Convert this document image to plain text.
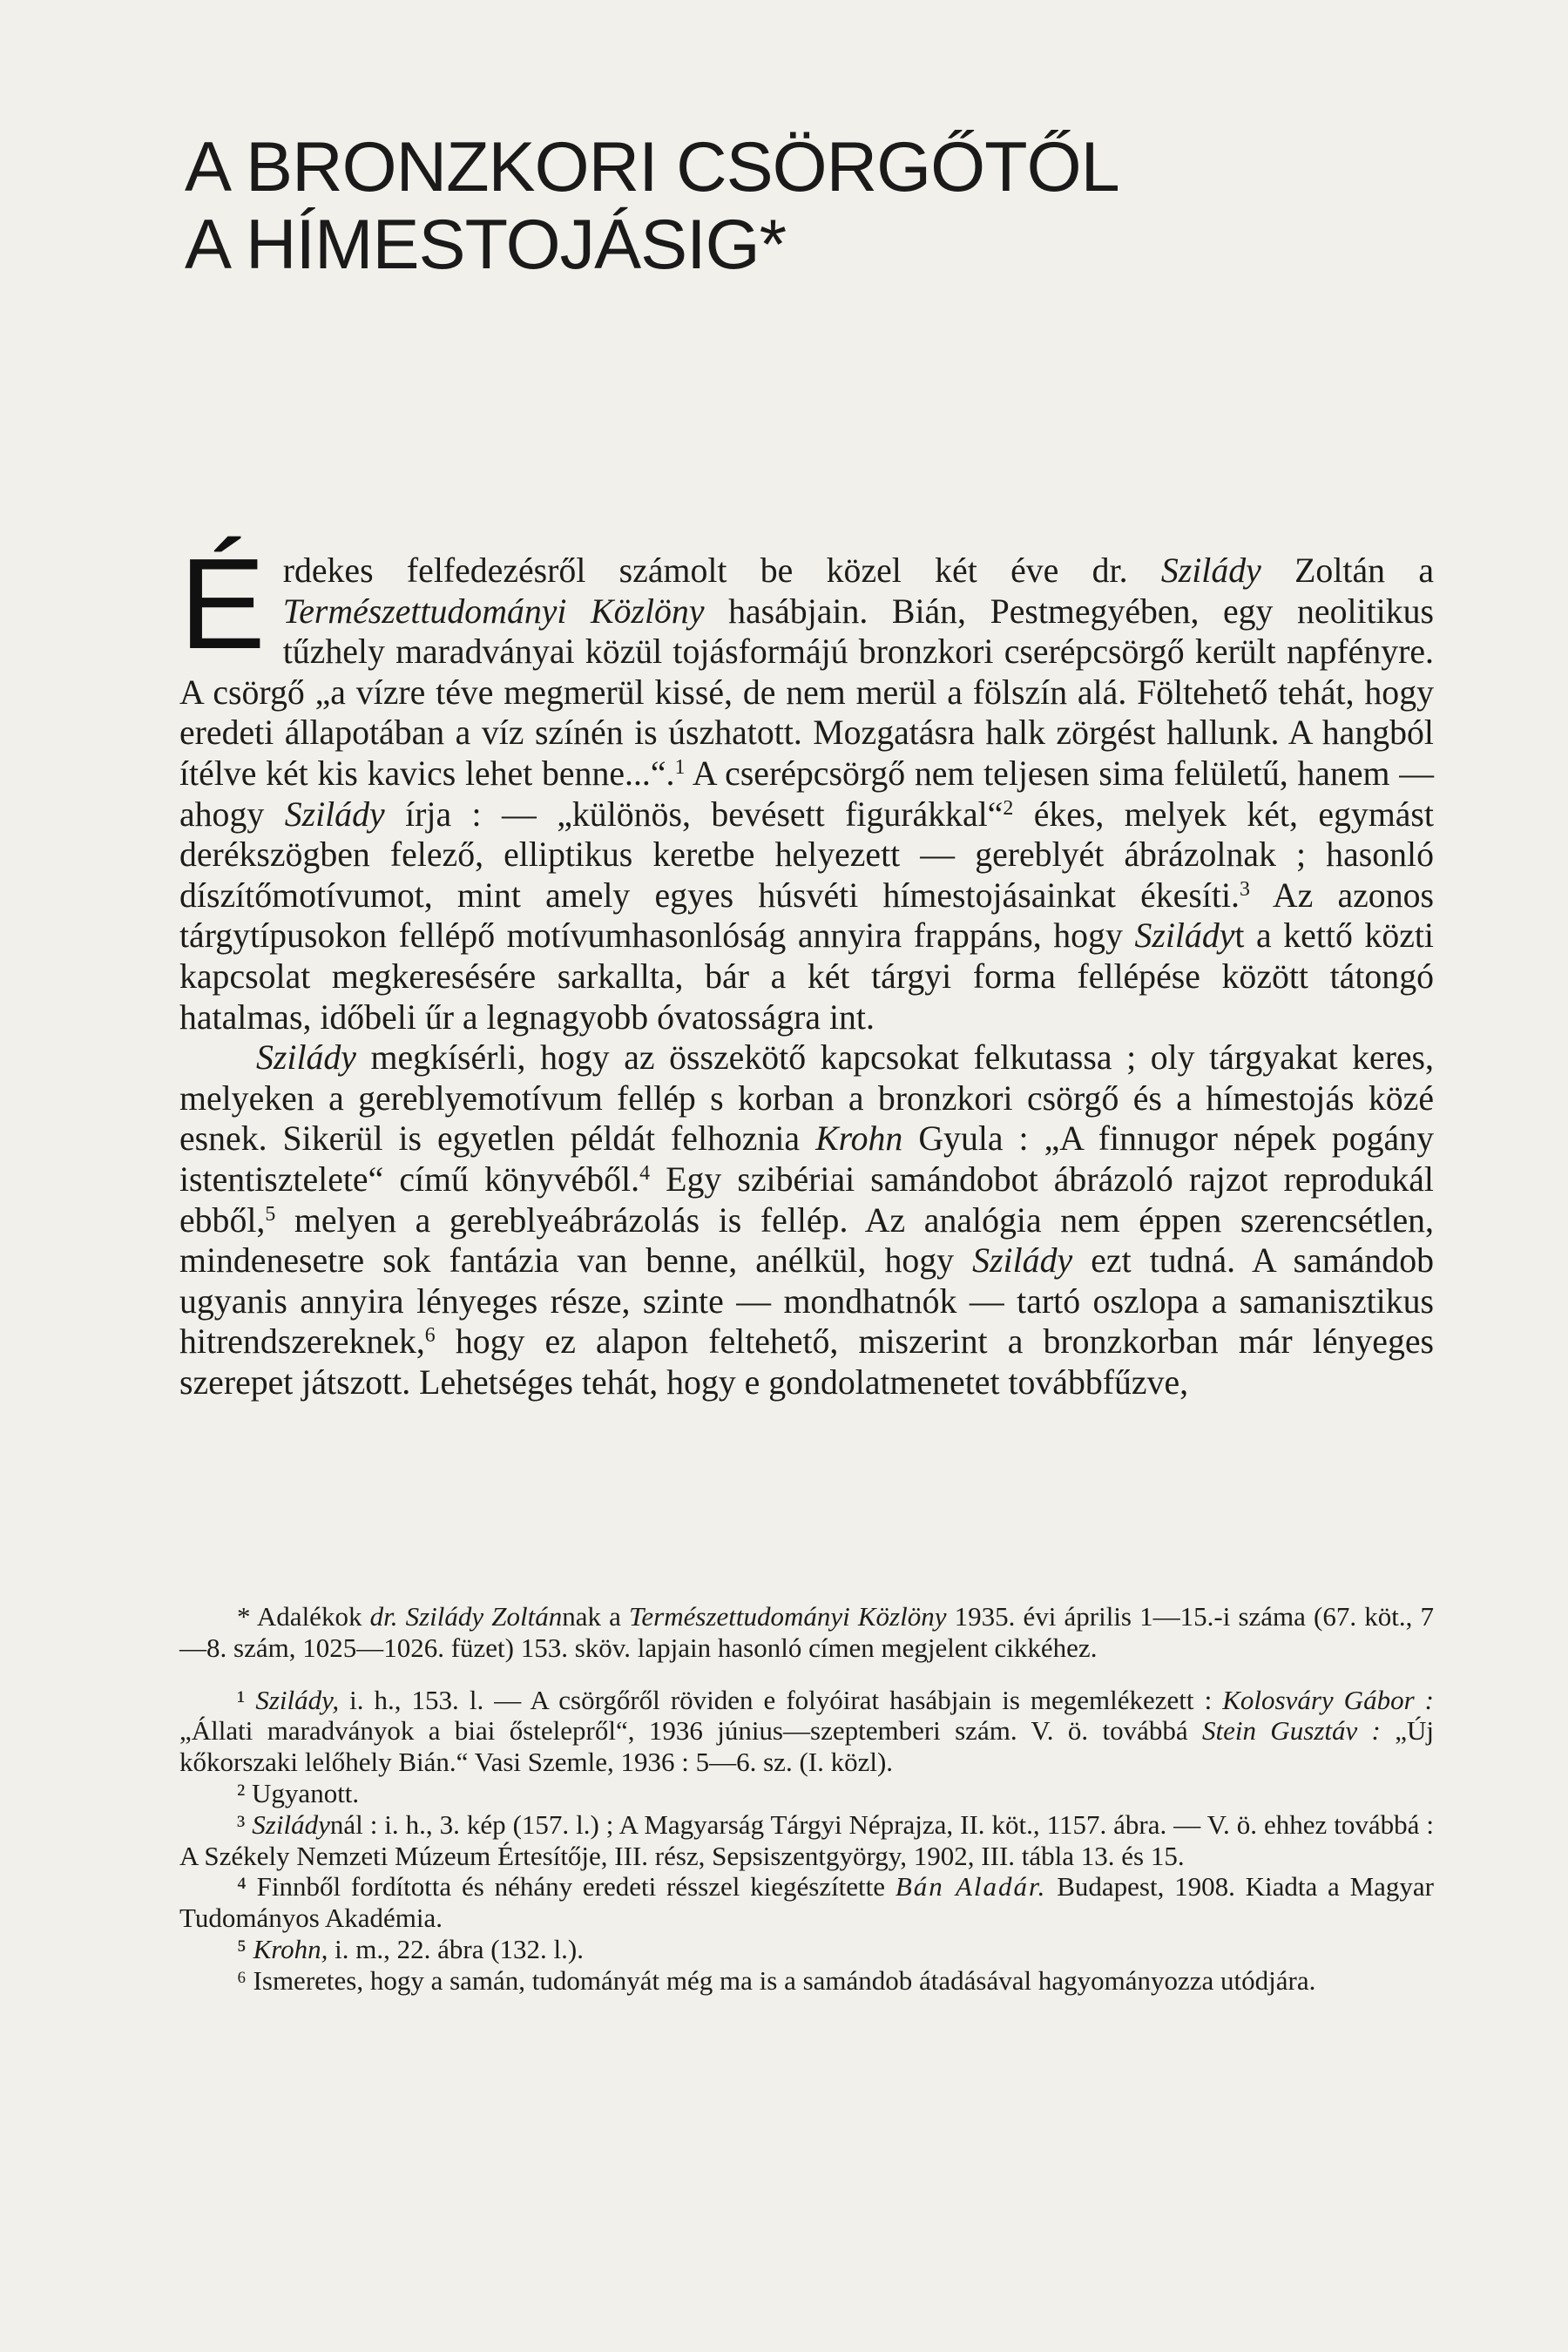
A BRONZKORI CSÖRGŐTŐL
A HÍMESTOJÁSIG*

Érdekes felfedezésről számolt be közel két éve dr. Sziládу Zoltán a Természettudományi Közlöny hasábjain. Bián, Pestmegyében, egy neolitikus tűzhely maradványai közül tojásformájú bronzkori cserépcsörgő került napfényre. A csörgő „a vízre téve megmerül kissé, de nem merül a fölszín alá. Föltehető tehát, hogy eredeti állapotában a víz színén is úszhatott. Mozgatásra halk zörgést hallunk. A hangból ítélve két kis kavics lehet benne...“.$^1$ A cserépcsörgő nem teljesen sima felületű, hanem — ahogy Sziládу írja : — „különös, bevésett figurákkal“$^2$ ékes, melyek két, egymást derékszögben felező, elliptikus keretbe helyezett — gereblyét ábrázolnak ; hasonló díszítőmotívumot, mint amely egyes húsvéti hímestojásainkat ékesíti.$^3$ Az azonos tárgytípusokon fellépő motívumhasonlóság annyira frappáns, hogy Sziládyt a kettő közti kapcsolat megkeresésére sarkallta, bár a két tárgyi forma fellépése között tátongó hatalmas, időbeli űr a legnagyobb óvatosságra int.

Sziládу megkísérli, hogy az összekötő kapcsokat felkutassa ; oly tárgyakat keres, melyeken a gereblyemotívum fellép s korban a bronzkori csörgő és a hímestojás közé esnek. Sikerül is egyetlen példát felhoznia Krohn Gyula : „A finnugor népek pogány istentisztelete“ című könyvéből.$^4$ Egy szibériai samándobot ábrázoló rajzot reprodukál ebből,$^5$ melyen a gereblyeábrázolás is fellép. Az analógia nem éppen szerencsétlen, mindenesetre sok fantázia van benne, anélkül, hogy Sziládу ezt tudná. A samándob ugyanis annyira lényeges része, szinte — mondhatnók — tartó oszlopa a samanisztikus hitrendszereknek,$^6$ hogy ez alapon feltehető, miszerint a bronzkorban már lényeges szerepet játszott. Lehetséges tehát, hogy e gondolatmenetet továbbfűzve,

* Adalékok dr. Sziládу Zoltánnak a Természettudományi Közlöny 1935. évi április 1—15.-i száma (67. köt., 7—8. szám, 1025—1026. füzet) 153. sköv. lapjain hasonló címen megjelent cikkéhez.

¹ Sziládу, i. h., 153. l. — A csörgőről röviden e folyóirat hasábjain is megemlékezett : Kolosváry Gábor : „Állati maradványok a biai őstelepről“, 1936 június—szeptemberi szám. V. ö. továbbá Stein Gusztáv : „Új kőkorszaki lelőhely Bián.“ Vasi Szemle, 1936 : 5—6. sz. (I. közl).

² Ugyanott.

³ Sziládуnál : i. h., 3. kép (157. l.) ; A Magyarság Tárgyi Néprajza, II. köt., 1157. ábra. — V. ö. ehhez továbbá : A Székely Nemzeti Múzeum Értesítője, III. rész, Sepsiszentgyörgy, 1902, III. tábla 13. és 15.

⁴ Finnből fordította és néhány eredeti résszel kiegészítette Bán Aladár. Budapest, 1908. Kiadta a Magyar Tudományos Akadémia.

⁵ Krohn, i. m., 22. ábra (132. l.).

⁶ Ismeretes, hogy a samán, tudományát még ma is a samándob átadásával hagyományozza utódjára.
